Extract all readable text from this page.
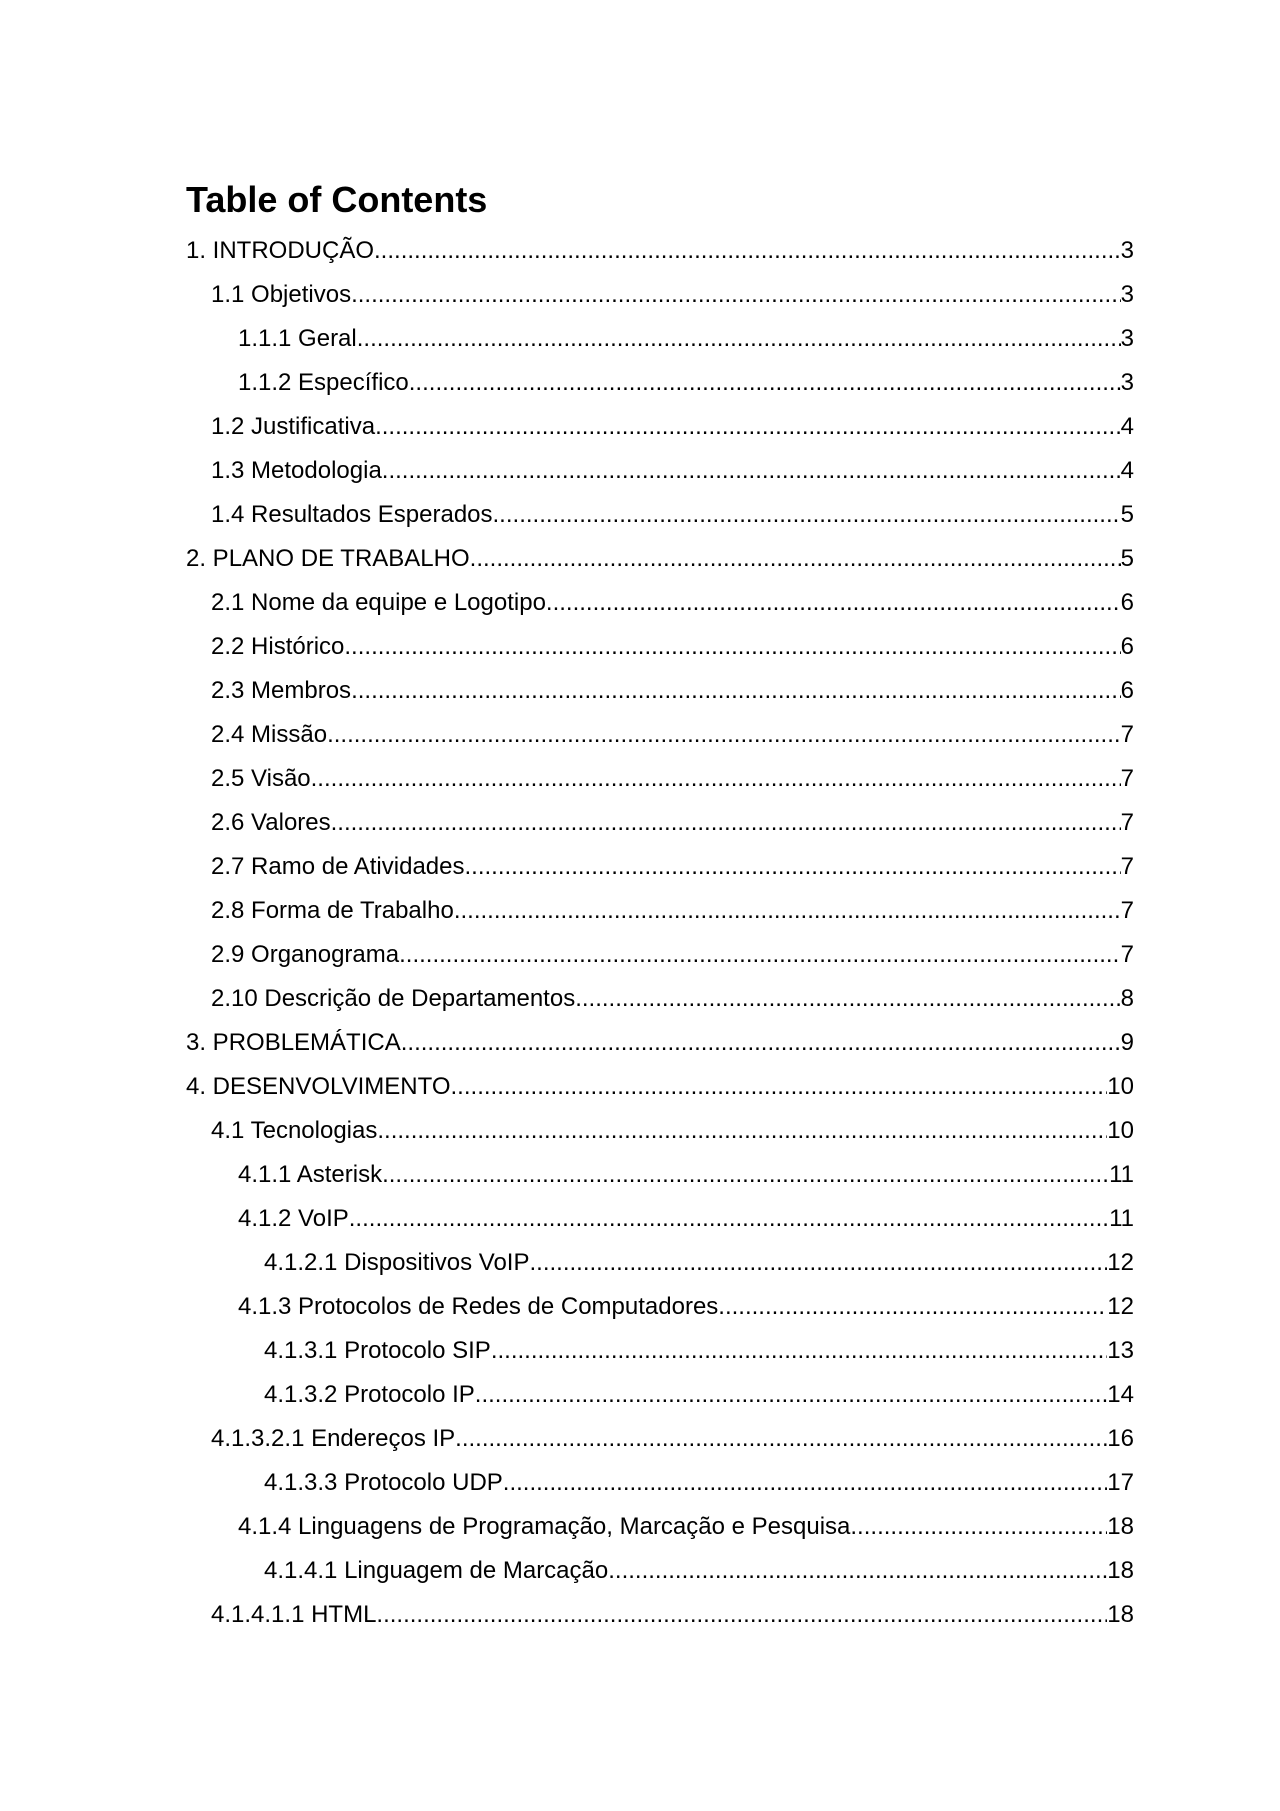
Table of Contents
1. INTRODUÇÃO .....	3
1.1 Objetivos .....	3
1.1.1 Geral .....	3
1.1.2 Específico .....	3
1.2 Justificativa .....	4
1.3 Metodologia .....	4
1.4 Resultados Esperados .....	5
2. PLANO DE TRABALHO .....	5
2.1 Nome da equipe e Logotipo .....	6
2.2 Histórico .....	6
2.3 Membros .....	6
2.4 Missão .....	7
2.5 Visão .....	7
2.6 Valores .....	7
2.7 Ramo de Atividades .....	7
2.8 Forma de Trabalho .....	7
2.9 Organograma .....	7
2.10 Descrição de Departamentos .....	8
3. PROBLEMÁTICA .....	9
4. DESENVOLVIMENTO .....	10
4.1 Tecnologias .....	10
4.1.1 Asterisk .....	11
4.1.2 VoIP .....	11
4.1.2.1 Dispositivos VoIP .....	12
4.1.3 Protocolos de Redes de Computadores .....	12
4.1.3.1 Protocolo SIP .....	13
4.1.3.2 Protocolo IP .....	14
4.1.3.2.1 Endereços IP .....	16
4.1.3.3 Protocolo UDP .....	17
4.1.4 Linguagens de Programação, Marcação e Pesquisa .....	18
4.1.4.1 Linguagem de Marcação .....	18
4.1.4.1.1 HTML .....	18
